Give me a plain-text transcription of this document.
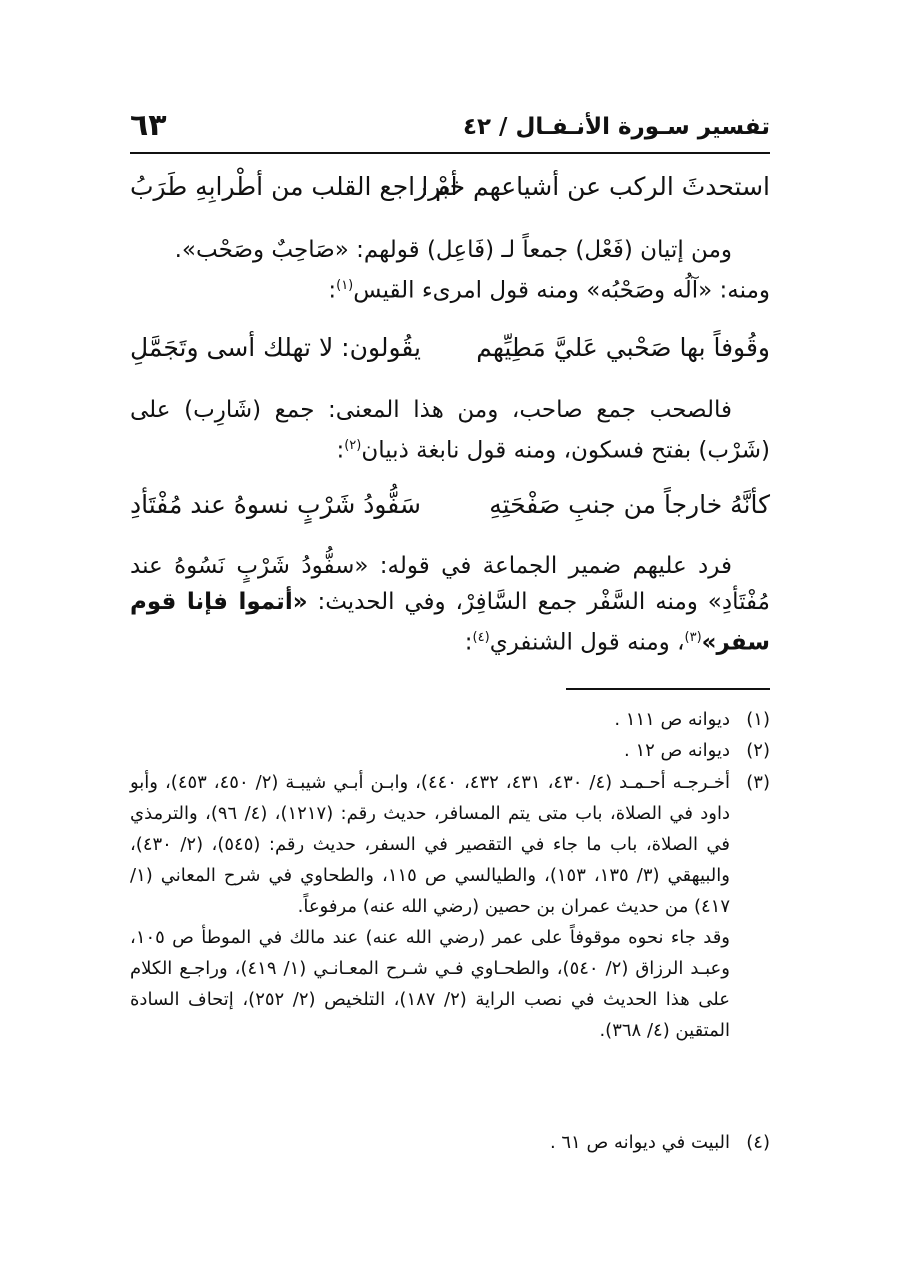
تفسير سـورة الأنـفـال / ٤٢
٦٣
استحدثَ الركب عن أشياعهم خبرا
أمْ راجع القلب من أطْرابِهِ طَرَبُ

ومن إتيان (فَعْل) جمعاً لـ (فَاعِل) قولهم: «صَاحِبٌ وصَحْب».

ومنه: «آلُه وصَحْبُه» ومنه قول امرىء القيس$^{(١)}$:

وقُوفاً بها صَحْبي عَليَّ مَطِيِّهم
يقُولون: لا تهلك أسى وتَجَمَّلِ

فالصحب جمع صاحب، ومن هذا المعنى: جمع (شَارِب) على (شَرْب) بفتح فسكون، ومنه قول نابغة ذبيان$^{(٢)}$:

كأنَّهُ خارجاً من جنبِ صَفْحَتِهِ
سَفُّودُ شَرْبٍ نسوهُ عند مُفْتَأدِ

فرد عليهم ضمير الجماعة في قوله: «سفُّودُ شَرْبٍ نَسُوهُ عند مُفْتَأدِ» ومنه السَّفْر جمع السَّافِرْ، وفي الحديث: «أتموا فإنا قوم سفر»$^{(٣)}$، ومنه قول الشنفري$^{(٤)}$:

(١)

ديوانه ص ١١١ .

(٢)

ديوانه ص ١٢ .

(٣)

أخـرجـه أحـمـد (٤/ ٤٣٠، ٤٣١، ٤٣٢، ٤٤٠)، وابـن أبـي شيبـة (٢/ ٤٥٠، ٤٥٣)، وأبو داود في الصلاة، باب متى يتم المسافر، حديث رقم: (١٢١٧)، (٤/ ٩٦)، والترمذي في الصلاة، باب ما جاء في التقصير في السفر، حديث رقم: (٥٤٥)، (٢/ ٤٣٠)، والبيهقي (٣/ ١٣٥، ١٥٣)، والطيالسي ص ١١٥، والطحاوي في شرح المعاني (١/ ٤١٧) من حديث عمران بن حصين (رضي الله عنه) مرفوعاً.

وقد جاء نحوه موقوفاً على عمر (رضي الله عنه) عند مالك في الموطأ ص ١٠٥، وعبـد الرزاق (٢/ ٥٤٠)، والطحـاوي فـي شـرح المعـانـي (١/ ٤١٩)، وراجـع الكلام على هذا الحديث في نصب الراية (٢/ ١٨٧)، التلخيص (٢/ ٢٥٢)، إتحاف السادة المتقين (٤/ ٣٦٨).

(٤)

البيت في ديوانه ص ٦١ .
